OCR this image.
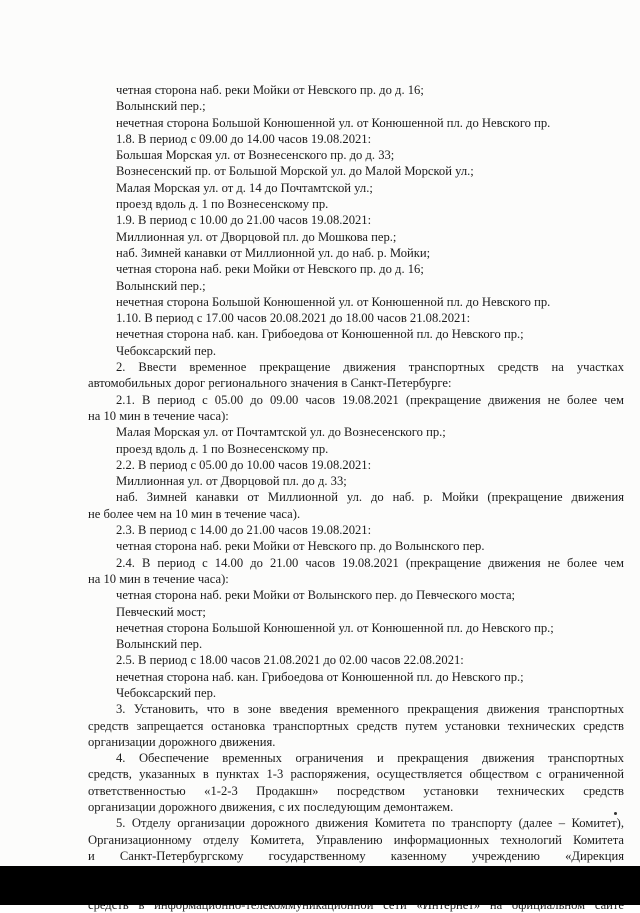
четная сторона наб. реки Мойки от Невского пр. до д. 16;
Волынский пер.;
нечетная сторона Большой Конюшенной ул. от Конюшенной пл. до Невского пр.
1.8. В период с 09.00 до 14.00 часов 19.08.2021:
Большая Морская ул. от Вознесенского пр. до д. 33;
Вознесенский пр. от Большой Морской ул. до Малой Морской ул.;
Малая Морская ул. от д. 14 до Почтамтской ул.;
проезд вдоль д. 1 по Вознесенскому пр.
1.9. В период с 10.00 до 21.00 часов 19.08.2021:
Миллионная ул. от Дворцовой пл. до Мошкова пер.;
наб. Зимней канавки от Миллионной ул. до наб. р. Мойки;
четная сторона наб. реки Мойки от Невского пр. до д. 16;
Волынский пер.;
нечетная сторона Большой Конюшенной ул. от Конюшенной пл. до Невского пр.
1.10. В период с 17.00 часов 20.08.2021 до 18.00 часов 21.08.2021:
нечетная сторона наб. кан. Грибоедова от Конюшенной пл. до Невского пр.;
Чебоксарский пер.
2. Ввести временное прекращение движения транспортных средств на участках
автомобильных дорог регионального значения в Санкт-Петербурге:
2.1. В период с 05.00 до 09.00 часов 19.08.2021 (прекращение движения не более чем
на 10 мин в течение часа):
Малая Морская ул. от Почтамтской ул. до Вознесенского пр.;
проезд вдоль д. 1 по Вознесенскому пр.
2.2. В период с 05.00 до 10.00 часов 19.08.2021:
Миллионная ул. от Дворцовой пл. до д. 33;
наб. Зимней канавки от Миллионной ул. до наб. р. Мойки (прекращение движения
не более чем на 10 мин в течение часа).
2.3. В период с 14.00 до 21.00 часов 19.08.2021:
четная сторона наб. реки Мойки от Невского пр. до Волынского пер.
2.4. В период с 14.00 до 21.00 часов 19.08.2021 (прекращение движения не более чем
на 10 мин в течение часа):
четная сторона наб. реки Мойки от Волынского пер. до Певческого моста;
Певческий мост;
нечетная сторона Большой Конюшенной ул. от Конюшенной пл. до Невского пр.;
Волынский пер.
2.5. В период с 18.00 часов 21.08.2021 до 02.00 часов 22.08.2021:
нечетная сторона наб. кан. Грибоедова от Конюшенной пл. до Невского пр.;
Чебоксарский пер.
3. Установить, что в зоне введения временного прекращения движения транспортных
средств запрещается остановка транспортных средств путем установки технических средств
организации дорожного движения.
4. Обеспечение временных ограничения и прекращения движения транспортных
средств, указанных в пунктах 1-3 распоряжения, осуществляется обществом с ограниченной
ответственностью «1-2-3 Продакшн» посредством установки технических средств
организации дорожного движения, с их последующим демонтажем.
5. Отделу организации дорожного движения Комитета по транспорту (далее – Комитет),
Организационному отделу Комитета, Управлению информационных технологий Комитета
и Санкт-Петербургскому государственному казенному учреждению «Дирекция
